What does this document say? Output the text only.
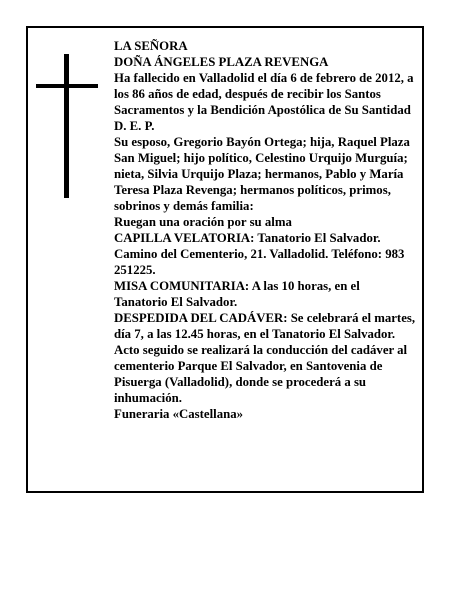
LA SEÑORA
DOÑA ÁNGELES PLAZA REVENGA
Ha fallecido en Valladolid el día 6 de febrero de 2012, a
los 86 años de edad, después de recibir los Santos
Sacramentos y la Bendición Apostólica de Su Santidad
D. E. P.
Su esposo, Gregorio Bayón Ortega; hija, Raquel Plaza
San Miguel; hijo político, Celestino Urquijo Murguía;
nieta, Silvia Urquijo Plaza; hermanos, Pablo y María
Teresa Plaza Revenga; hermanos políticos, primos,
sobrinos y demás familia:
Ruegan una oración por su alma
CAPILLA VELATORIA: Tanatorio El Salvador.
Camino del Cementerio, 21. Valladolid. Teléfono: 983
251225.
MISA COMUNITARIA: A las 10 horas, en el
Tanatorio El Salvador.
DESPEDIDA DEL CADÁVER: Se celebrará el martes,
día 7, a las 12.45 horas, en el Tanatorio El Salvador.
Acto seguido se realizará la conducción del cadáver al
cementerio Parque El Salvador, en Santovenia de
Pisuerga (Valladolid), donde se procederá a su
inhumación.
Funeraria «Castellana»
